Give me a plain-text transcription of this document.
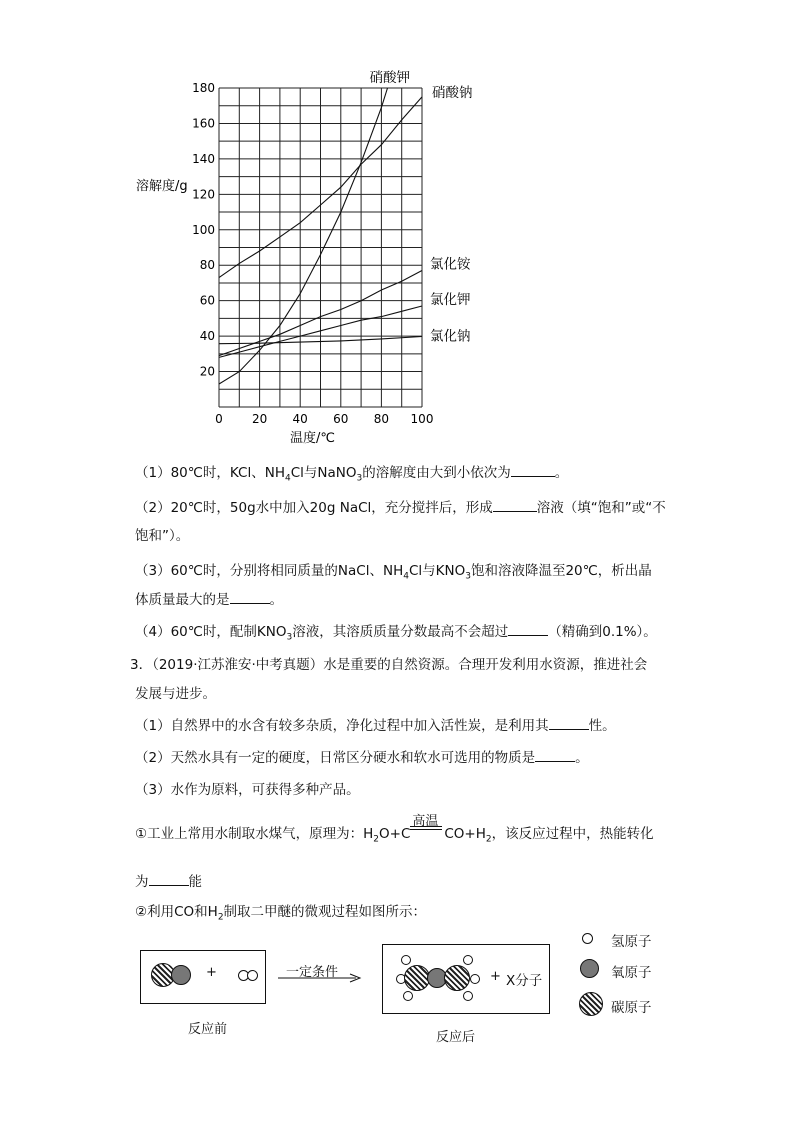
0 20 40 60 80 100
20
40
60
80
100
120
140
160
180
硝酸钾
硝酸钠
氯化铵
氯化钾
氯化钠
溶解度/g
温度/℃
（1）80℃时，KCl、$NH_4Cl$与NaNO$_3$的溶解度由大到小依次为	。
（2）20℃时，50g水中加入20g NaCl，充分搅拌后，形成	溶液（填“饱和”或“不
饱和”）。
（3）60℃时，分别将相同质量的NaCl、$NH_4Cl$与$KNO_3$饱和溶液降温至20℃，析出晶
体质量最大的是	。
（4）60℃时，配制$KNO_3$溶液，其溶质质量分数最高不会超过	（精确到0.1%）。
3．（2019·江苏淮安·中考真题）水是重要的自然资源。合理开发利用水资源，推进社会
发展与进步。
（1）自然界中的水含有较多杂质，净化过程中加入活性炭，是利用其	性。
（2）天然水具有一定的硬度，日常区分硬水和软水可选用的物质是	。
（3）水作为原料，可获得多种产品。
①工业上常用水制取水煤气，原理为：$H_2O+C$
高温
$CO+H_2$，该反应过程中，热能转化
为	能
②利用CO和$H_2$制取二甲醚的微观过程如图所示：
+
反应前
一定条件	+ X分子
反应后
氢原子
氧原子
碳原子
